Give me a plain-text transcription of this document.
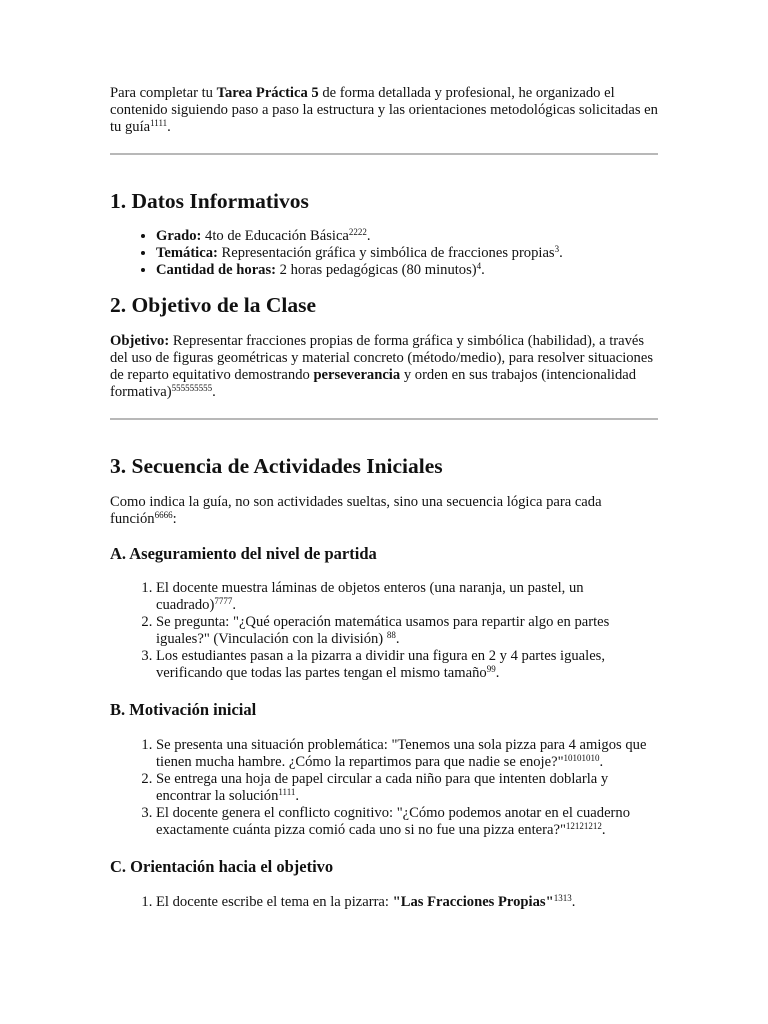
Para completar tu Tarea Práctica 5 de forma detallada y profesional, he organizado el contenido siguiendo paso a paso la estructura y las orientaciones metodológicas solicitadas en tu guía$^{1111}$.

1. Datos Informativos
• Grado: 4to de Educación Básica$^{2222}$.
• Temática: Representación gráfica y simbólica de fracciones propias$^3$.
• Cantidad de horas: 2 horas pedagógicas (80 minutos)$^4$.
2. Objetivo de la Clase

Objetivo: Representar fracciones propias de forma gráfica y simbólica (habilidad), a través del uso de figuras geométricas y material concreto (método/medio), para resolver situaciones de reparto equitativo demostrando perseverancia y orden en sus trabajos (intencionalidad formativa)$^{555555555}$.

3. Secuencia de Actividades Iniciales

Como indica la guía, no son actividades sueltas, sino una secuencia lógica para cada función$^{6666}$:

A. Aseguramiento del nivel de partida
1. El docente muestra láminas de objetos enteros (una naranja, un pastel, un cuadrado)$^{7777}$.
2. Se pregunta: "¿Qué operación matemática usamos para repartir algo en partes iguales?" (Vinculación con la división) $^{88}$.
3. Los estudiantes pasan a la pizarra a dividir una figura en 2 y 4 partes iguales, verificando que todas las partes tengan el mismo tamaño$^{99}$.
B. Motivación inicial
1. Se presenta una situación problemática: "Tenemos una sola pizza para 4 amigos que tienen mucha hambre. ¿Cómo la repartimos para que nadie se enoje?"$^{10101010}$.
2. Se entrega una hoja de papel circular a cada niño para que intenten doblarla y encontrar la solución$^{1111}$.
3. El docente genera el conflicto cognitivo: "¿Cómo podemos anotar en el cuaderno exactamente cuánta pizza comió cada uno si no fue una pizza entera?"$^{12121212}$.
C. Orientación hacia el objetivo
1. El docente escribe el tema en la pizarra: "Las Fracciones Propias"$^{1313}$.
